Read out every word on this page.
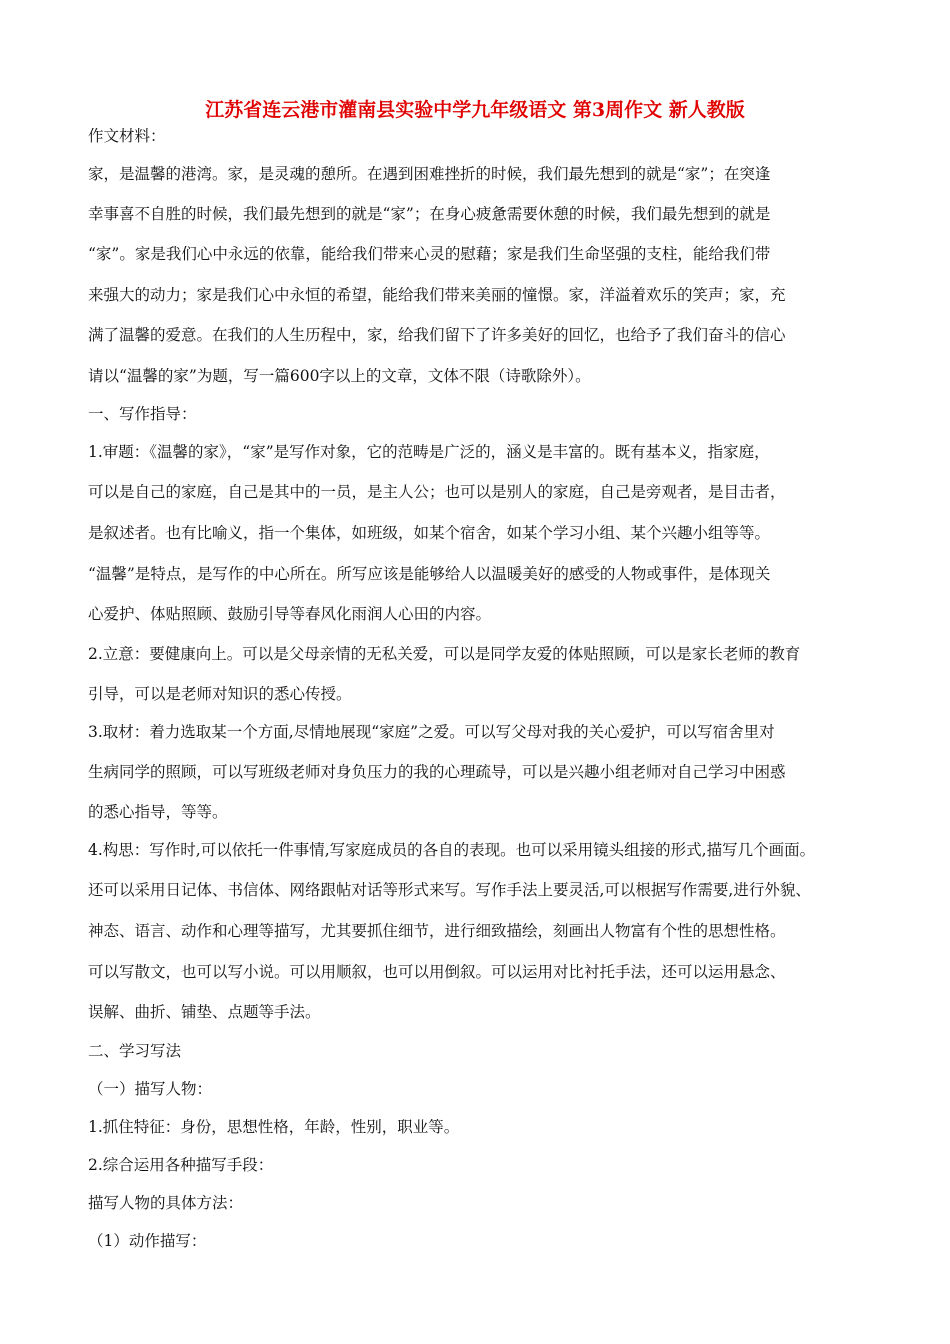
江苏省连云港市灌南县实验中学九年级语文 第3周作文 新人教版
作文材料：
家，是温馨的港湾。家，是灵魂的憩所。在遇到困难挫折的时候，我们最先想到的就是“家”；在突逢
幸事喜不自胜的时候，我们最先想到的就是“家”；在身心疲惫需要休憩的时候，我们最先想到的就是
“家”。家是我们心中永远的依靠，能给我们带来心灵的慰藉；家是我们生命坚强的支柱，能给我们带
来强大的动力；家是我们心中永恒的希望，能给我们带来美丽的憧憬。家，洋溢着欢乐的笑声；家，充
满了温馨的爱意。在我们的人生历程中，家，给我们留下了许多美好的回忆，也给予了我们奋斗的信心
请以“温馨的家”为题，写一篇600字以上的文章，文体不限（诗歌除外）。
一、写作指导：
1.审题：《温馨的家》，“家”是写作对象，它的范畴是广泛的，涵义是丰富的。既有基本义，指家庭，
可以是自己的家庭，自己是其中的一员，是主人公；也可以是别人的家庭，自己是旁观者，是目击者，
是叙述者。也有比喻义，指一个集体，如班级，如某个宿舍，如某个学习小组、某个兴趣小组等等。
“温馨”是特点，是写作的中心所在。所写应该是能够给人以温暖美好的感受的人物或事件，是体现关
心爱护、体贴照顾、鼓励引导等春风化雨润人心田的内容。
2.立意：要健康向上。可以是父母亲情的无私关爱，可以是同学友爱的体贴照顾，可以是家长老师的教育
引导，可以是老师对知识的悉心传授。
3.取材：着力选取某一个方面,尽情地展现“家庭”之爱。可以写父母对我的关心爱护，可以写宿舍里对
生病同学的照顾，可以写班级老师对身负压力的我的心理疏导，可以是兴趣小组老师对自己学习中困惑
的悉心指导，等等。
4.构思：写作时,可以依托一件事情,写家庭成员的各自的表现。也可以采用镜头组接的形式,描写几个画面。
还可以采用日记体、书信体、网络跟帖对话等形式来写。写作手法上要灵活,可以根据写作需要,进行外貌、
神态、语言、动作和心理等描写，尤其要抓住细节，进行细致描绘，刻画出人物富有个性的思想性格。
可以写散文，也可以写小说。可以用顺叙，也可以用倒叙。可以运用对比衬托手法，还可以运用悬念、
误解、曲折、铺垫、点题等手法。
二、学习写法
（一）描写人物：
1.抓住特征：身份，思想性格，年龄，性别，职业等。
2.综合运用各种描写手段：
描写人物的具体方法：
（1）动作描写：
